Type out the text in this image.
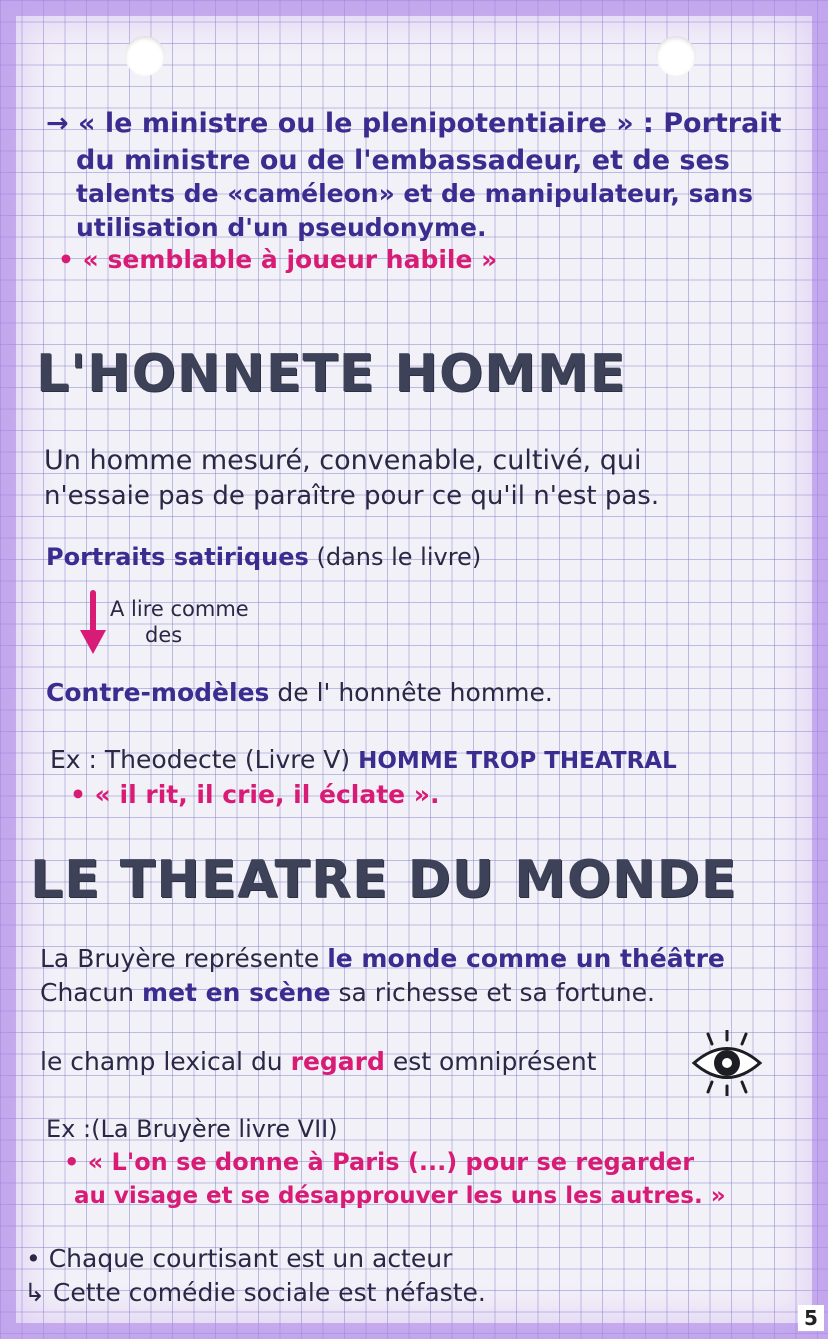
→ « le ministre ou le plenipotentiaire » : Portrait
du ministre ou de l'embassadeur, et de ses
talents de «caméleon» et de manipulateur, sans
utilisation d'un pseudonyme.
• « semblable à joueur habile »
L'HONNETE HOMME
Un homme mesuré, convenable, cultivé, qui
n'essaie pas de paraître pour ce qu'il n'est pas.
Portraits satiriques (dans le livre)
A lire comme
des
Contre-modèles de l' honnête homme.
Ex : Theodecte (Livre V) HOMME TROP THEATRAL
• « il rit, il crie, il éclate ».
LE THEATRE DU MONDE
La Bruyère représente le monde comme un théâtre
Chacun met en scène sa richesse et sa fortune.
le champ lexical du regard est omniprésent
Ex :(La Bruyère livre VII)
• « L'on se donne à Paris (...) pour se regarder
au visage et se désapprouver les uns les autres. »
• Chaque courtisant est un acteur
↳ Cette comédie sociale est néfaste.
5
